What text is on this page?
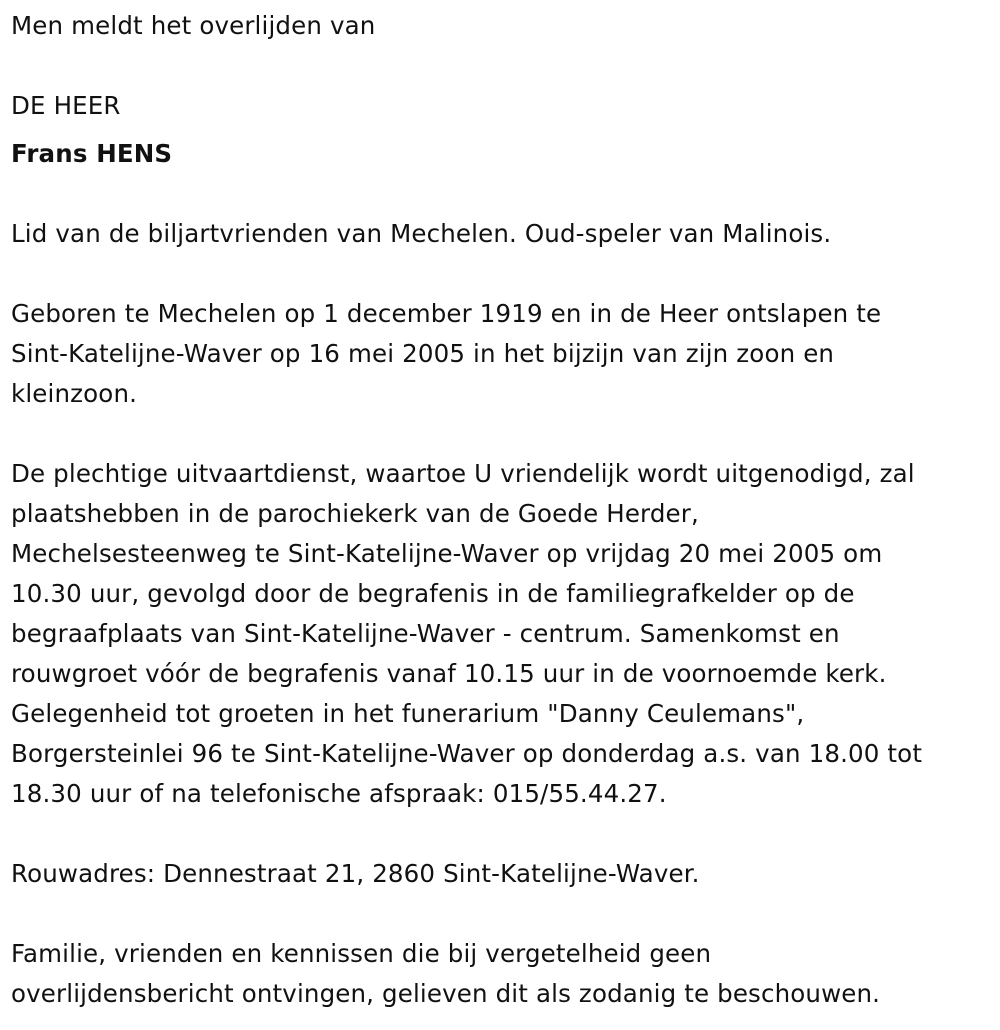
Men meldt het overlijden van

DE HEER

Frans HENS

Lid van de biljartvrienden van Mechelen. Oud-speler van Malinois.

Geboren te Mechelen op 1 december 1919 en in de Heer ontslapen te

Sint-Katelijne-Waver op 16 mei 2005 in het bijzijn van zijn zoon en

kleinzoon.

De plechtige uitvaartdienst, waartoe U vriendelijk wordt uitgenodigd, zal

plaatshebben in de parochiekerk van de Goede Herder,

Mechelsesteenweg te Sint-Katelijne-Waver op vrijdag 20 mei 2005 om

10.30 uur, gevolgd door de begrafenis in de familiegrafkelder op de

begraafplaats van Sint-Katelijne-Waver - centrum. Samenkomst en

rouwgroet vóór de begrafenis vanaf 10.15 uur in de voornoemde kerk.

Gelegenheid tot groeten in het funerarium "Danny Ceulemans",

Borgersteinlei 96 te Sint-Katelijne-Waver op donderdag a.s. van 18.00 tot

18.30 uur of na telefonische afspraak: 015/55.44.27.

Rouwadres: Dennestraat 21, 2860 Sint-Katelijne-Waver.

Familie, vrienden en kennissen die bij vergetelheid geen

overlijdensbericht ontvingen, gelieven dit als zodanig te beschouwen.
